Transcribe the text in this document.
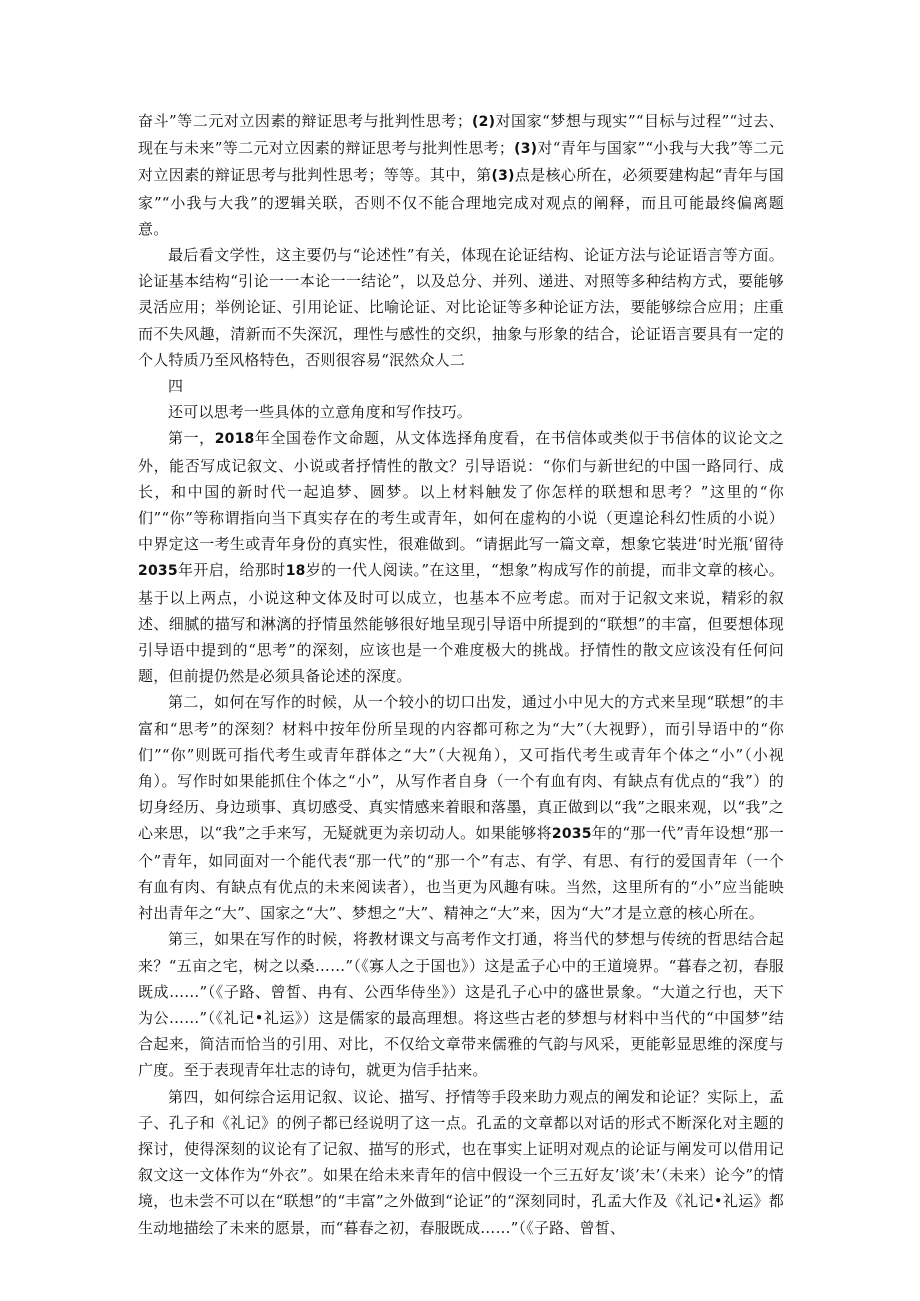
奋斗”等二元对立因素的辩证思考与批判性思考；(2)对国家“梦想与现实”“目标与过程”“过去、现在与未来”等二元对立因素的辩证思考与批判性思考；(3)对“青年与国家”“小我与大我”等二元对立因素的辩证思考与批判性思考；等等。其中，第(3)点是核心所在，必须要建构起“青年与国家”“小我与大我”的逻辑关联，否则不仅不能合理地完成对观点的阐释，而且可能最终偏离题意。

最后看文学性，这主要仍与“论述性”有关，体现在论证结构、论证方法与论证语言等方面。论证基本结构“引论一一本论一一结论”，以及总分、并列、递进、对照等多种结构方式，要能够灵活应用；举例论证、引用论证、比喻论证、对比论证等多种论证方法，要能够综合应用；庄重而不失风趣，清新而不失深沉，理性与感性的交织，抽象与形象的结合，论证语言要具有一定的个人特质乃至风格特色，否则很容易“泯然众人二

四

还可以思考一些具体的立意角度和写作技巧。

第一，2018年全国卷作文命题，从文体选择角度看，在书信体或类似于书信体的议论文之外，能否写成记叙文、小说或者抒情性的散文？引导语说：“你们与新世纪的中国一路同行、成长，和中国的新时代一起追梦、圆梦。以上材料触发了你怎样的联想和思考？”这里的“你们”“你”等称谓指向当下真实存在的考生或青年，如何在虚构的小说（更遑论科幻性质的小说）中界定这一考生或青年身份的真实性，很难做到。“请据此写一篇文章，想象它装进‘时光瓶‘留待2035年开启，给那时18岁的一代人阅读。”在这里，“想象”构成写作的前提，而非文章的核心。基于以上两点，小说这种文体及时可以成立，也基本不应考虑。而对于记叙文来说，精彩的叙述、细腻的描写和淋漓的抒情虽然能够很好地呈现引导语中所提到的“联想”的丰富，但要想体现引导语中提到的“思考”的深刻，应该也是一个难度极大的挑战。抒情性的散文应该没有任何问题，但前提仍然是必须具备论述的深度。

第二，如何在写作的时候，从一个较小的切口出发，通过小中见大的方式来呈现“联想”的丰富和“思考”的深刻？材料中按年份所呈现的内容都可称之为“大”（大视野），而引导语中的“你们”“你”则既可指代考生或青年群体之“大”（大视角），又可指代考生或青年个体之“小”（小视角）。写作时如果能抓住个体之“小”，从写作者自身（一个有血有肉、有缺点有优点的“我”）的切身经历、身边琐事、真切感受、真实情感来着眼和落墨，真正做到以“我”之眼来观，以“我”之心来思，以“我”之手来写，无疑就更为亲切动人。如果能够将2035年的“那一代”青年设想“那一个”青年，如同面对一个能代表“那一代”的“那一个”有志、有学、有思、有行的爱国青年（一个有血有肉、有缺点有优点的未来阅读者），也当更为风趣有味。当然，这里所有的“小”应当能映衬出青年之“大”、国家之“大”、梦想之“大”、精神之“大”来，因为“大”才是立意的核心所在。

第三，如果在写作的时候，将教材课文与高考作文打通，将当代的梦想与传统的哲思结合起来？“五亩之宅，树之以桑……”（《寡人之于国也》）这是孟子心中的王道境界。“暮春之初，春服既成……”（《子路、曾皙、冉有、公西华侍坐》）这是孔子心中的盛世景象。“大道之行也，天下为公……”（《礼记•礼运》）这是儒家的最高理想。将这些古老的梦想与材料中当代的“中国梦”结合起来，简洁而恰当的引用、对比，不仅给文章带来儒雅的气韵与风采，更能彰显思维的深度与广度。至于表现青年壮志的诗句，就更为信手拈来。

第四，如何综合运用记叙、议论、描写、抒情等手段来助力观点的阐发和论证？实际上，孟子、孔子和《礼记》的例子都已经说明了这一点。孔孟的文章都以对话的形式不断深化对主题的探讨，使得深刻的议论有了记叙、描写的形式，也在事实上证明对观点的论证与阐发可以借用记叙文这一文体作为“外衣”。如果在给未来青年的信中假设一个三五好友’谈’未’（未来）论今”的情境，也未尝不可以在“联想”的“丰富”之外做到“论证”的“深刻同时，孔孟大作及《礼记•礼运》都生动地描绘了未来的愿景，而“暮春之初，春服既成……”（《子路、曾皙、
